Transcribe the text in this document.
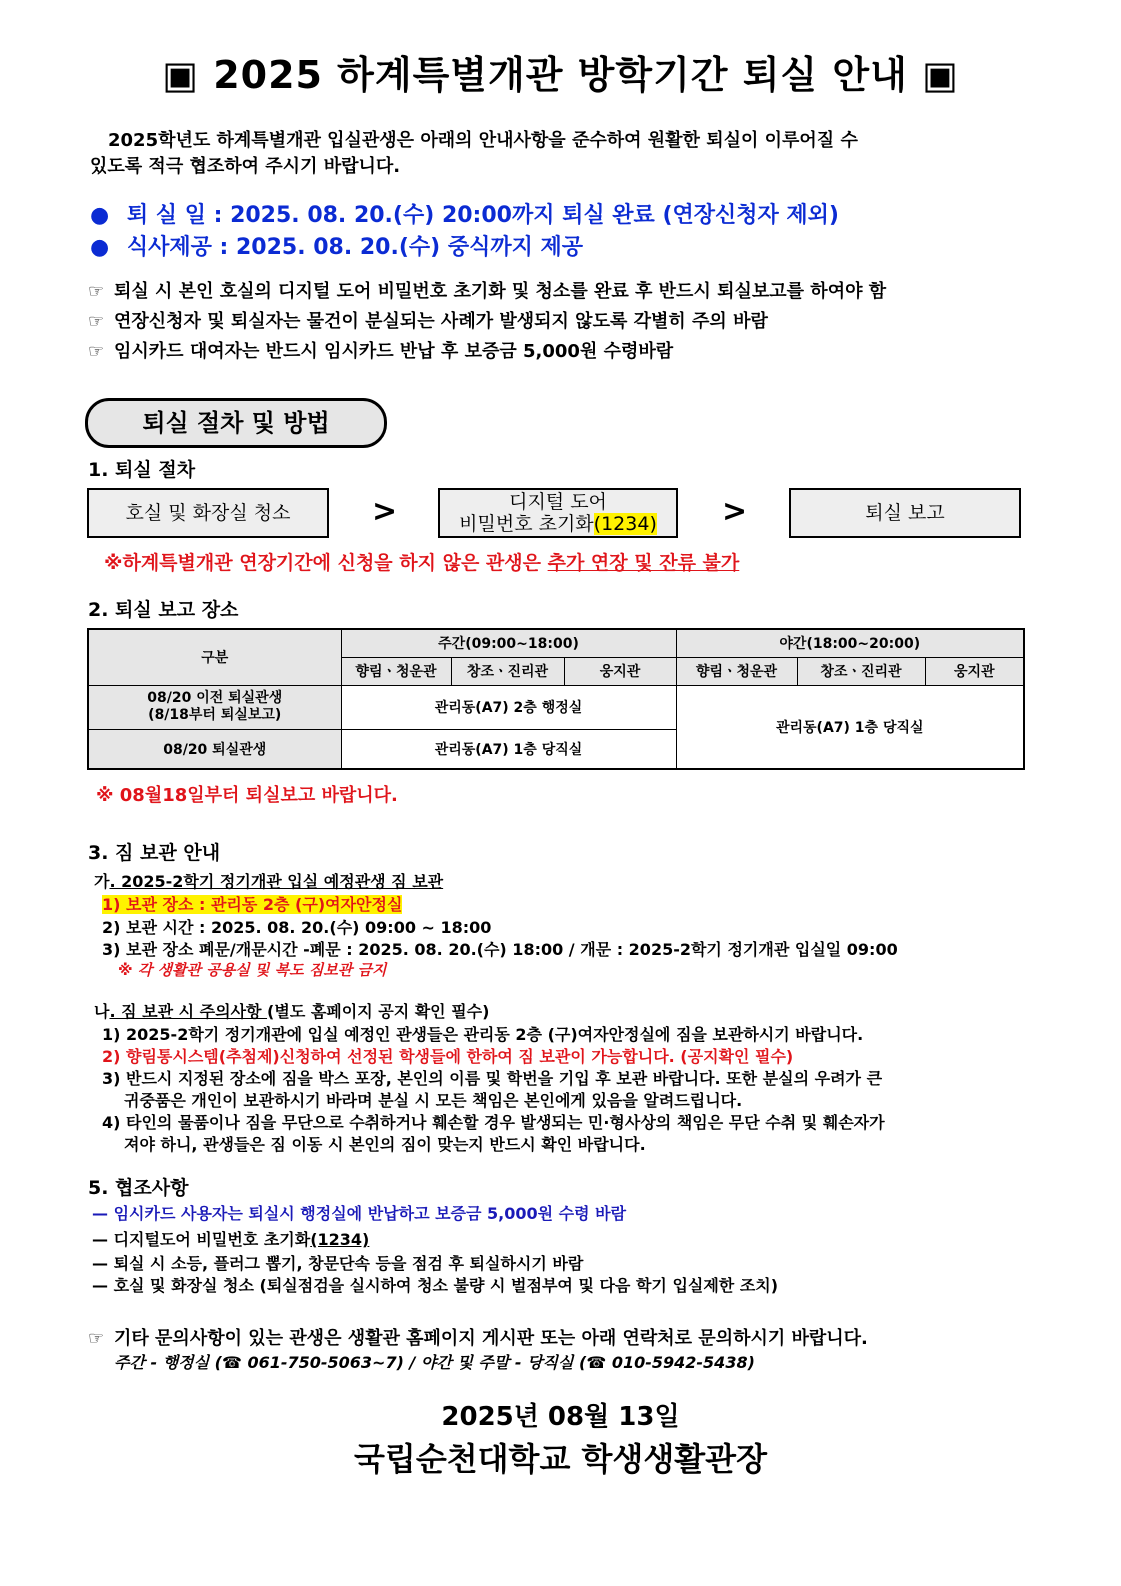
▣ 2025 하계특별개관 방학기간 퇴실 안내 ▣
2025학년도 하계특별개관 입실관생은 아래의 안내사항을 준수하여 원활한 퇴실이 이루어질 수
있도록 적극 협조하여 주시기 바랍니다.
● 퇴 실 일 : 2025. 08. 20.(수) 20:00까지 퇴실 완료 (연장신청자 제외)
● 식사제공 : 2025. 08. 20.(수) 중식까지 제공
☞ 퇴실 시 본인 호실의 디지털 도어 비밀번호 초기화 및 청소를 완료 후 반드시 퇴실보고를 하여야 함
☞ 연장신청자 및 퇴실자는 물건이 분실되는 사례가 발생되지 않도록 각별히 주의 바람
☞ 임시카드 대여자는 반드시 임시카드 반납 후 보증금 5,000원 수령바람
퇴실 절차 및 방법
1. 퇴실 절차
호실 및 화장실 청소	>	디지털 도어
비밀번호 초기화(1234) >	퇴실 보고
※하계특별개관 연장기간에 신청을 하지 않은 관생은 추가 연장 및 잔류 불가
2. 퇴실 보고 장소
구분	주간(09:00~18:00)			야간(18:00~20:00)		
	향림ㆍ청운관	창조ㆍ진리관	웅지관	향림ㆍ청운관	창조ㆍ진리관	웅지관

08/20 이전 퇴실관생
(8/18부터 퇴실보고)	관리동(A7) 2층 행정실			관리동(A7) 1층 당직실		
08/20 퇴실관생	관리동(A7) 1층 당직실					
※ 08월18일부터 퇴실보고 바랍니다.
3. 짐 보관 안내
가. 2025-2학기 정기개관 입실 예정관생 짐 보관
1) 보관 장소 : 관리동 2층 (구)여자안정실
2) 보관 시간 : 2025. 08. 20.(수) 09:00 ~ 18:00
3) 보관 장소 폐문/개문시간 -폐문 : 2025. 08. 20.(수) 18:00 / 개문 : 2025-2학기 정기개관 입실일 09:00
※ 각 생활관 공용실 및 복도 짐보관 금지
나. 짐 보관 시 주의사항 (별도 홈페이지 공지 확인 필수)
1) 2025-2학기 정기개관에 입실 예정인 관생들은 관리동 2층 (구)여자안정실에 짐을 보관하시기 바랍니다.
2) 향림통시스템(추첨제)신청하여 선정된 학생들에 한하여 짐 보관이 가능합니다. (공지확인 필수)
3) 반드시 지정된 장소에 짐을 박스 포장, 본인의 이름 및 학번을 기입 후 보관 바랍니다. 또한 분실의 우려가 큰
귀중품은 개인이 보관하시기 바라며 분실 시 모든 책임은 본인에게 있음을 알려드립니다.
4) 타인의 물품이나 짐을 무단으로 수취하거나 훼손할 경우 발생되는 민·형사상의 책임은 무단 수취 및 훼손자가
져야 하니, 관생들은 짐 이동 시 본인의 짐이 맞는지 반드시 확인 바랍니다.
5. 협조사항
— 임시카드 사용자는 퇴실시 행정실에 반납하고 보증금 5,000원 수령 바람
— 디지털도어 비밀번호 초기화(1234)
— 퇴실 시 소등, 플러그 뽑기, 창문단속 등을 점검 후 퇴실하시기 바람
— 호실 및 화장실 청소 (퇴실점검을 실시하여 청소 불량 시 벌점부여 및 다음 학기 입실제한 조치)
☞ 기타 문의사항이 있는 관생은 생활관 홈페이지 게시판 또는 아래 연락처로 문의하시기 바랍니다.
주간 - 행정실 (☎ 061-750-5063~7) / 야간 및 주말 - 당직실 (☎ 010-5942-5438)
2025년 08월 13일
국립순천대학교 학생생활관장
